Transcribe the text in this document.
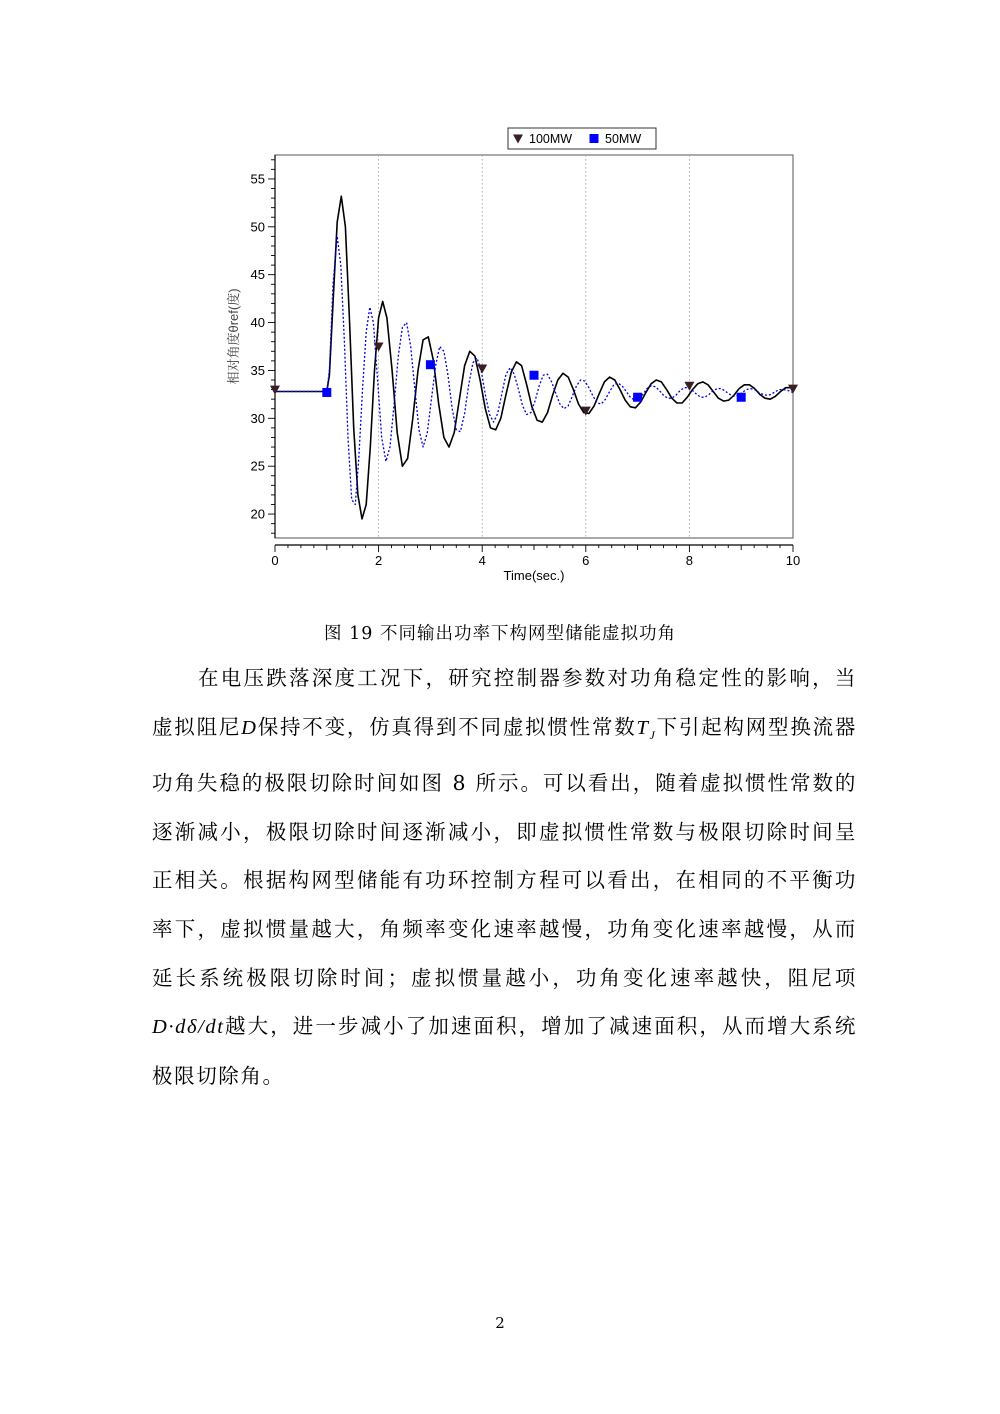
20
25
30
35
40
45
50
55
0	2	4	6	8	10
Time(sec.)
相对角度θref(度)
100MW	50MW
图 19 不同输出功率下构网型储能虚拟功角

在电压跌落深度工况下，研究控制器参数对功角稳定性的影响，当虚拟阻尼D保持不变，仿真得到不同虚拟惯性常数$T_J$下引起构网型换流器功角失稳的极限切除时间如图 8 所示。可以看出，随着虚拟惯性常数的逐渐减小，极限切除时间逐渐减小，即虚拟惯性常数与极限切除时间呈正相关。根据构网型储能有功环控制方程可以看出，在相同的不平衡功率下，虚拟惯量越大，角频率变化速率越慢，功角变化速率越慢，从而延长系统极限切除时间；虚拟惯量越小，功角变化速率越快，阻尼项D·dδ/dt越大，进一步减小了加速面积，增加了减速面积，从而增大系统极限切除角。

2
